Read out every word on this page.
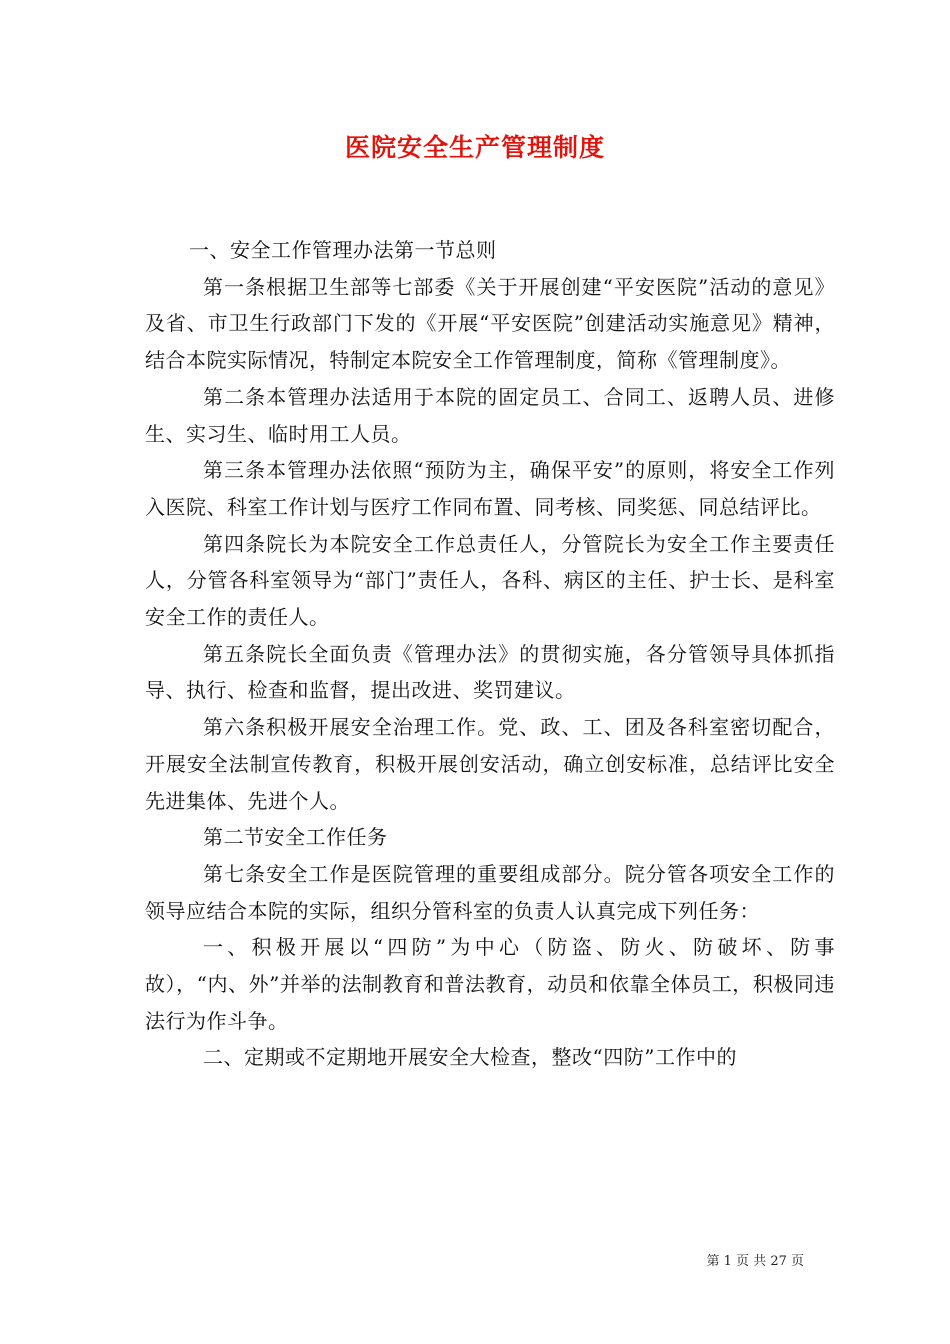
医院安全生产管理制度

一、安全工作管理办法第一节总则

第一条根据卫生部等七部委《关于开展创建“平安医院”活动的意见》及省、市卫生行政部门下发的《开展“平安医院”创建活动实施意见》精神，结合本院实际情况，特制定本院安全工作管理制度，简称《管理制度》。

第二条本管理办法适用于本院的固定员工、合同工、返聘人员、进修生、实习生、临时用工人员。

第三条本管理办法依照“预防为主，确保平安”的原则，将安全工作列入医院、科室工作计划与医疗工作同布置、同考核、同奖惩、同总结评比。

第四条院长为本院安全工作总责任人，分管院长为安全工作主要责任人，分管各科室领导为“部门”责任人，各科、病区的主任、护士长、是科室安全工作的责任人。

第五条院长全面负责《管理办法》的贯彻实施，各分管领导具体抓指导、执行、检查和监督，提出改进、奖罚建议。

第六条积极开展安全治理工作。党、政、工、团及各科室密切配合，开展安全法制宣传教育，积极开展创安活动，确立创安标准，总结评比安全先进集体、先进个人。

第二节安全工作任务

第七条安全工作是医院管理的重要组成部分。院分管各项安全工作的领导应结合本院的实际，组织分管科室的负责人认真完成下列任务：

一、积极开展以“四防”为中心（防盗、防火、防破坏、防事故），“内、外”并举的法制教育和普法教育，动员和依靠全体员工，积极同违法行为作斗争。

二、定期或不定期地开展安全大检查，整改“四防”工作中的

第 1 页 共 27 页
